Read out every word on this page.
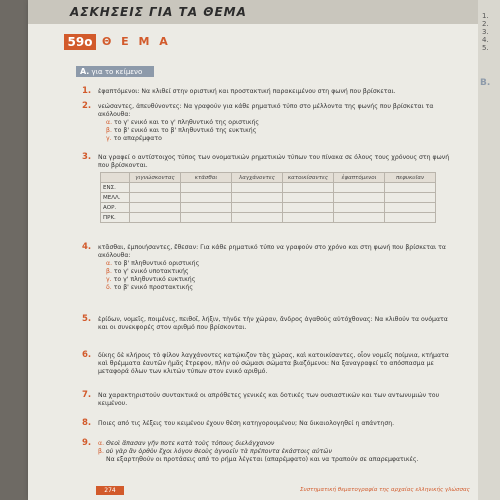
ΑΣΚΗΣΕΙΣ ΓΙΑ ΤΑ ΘΕΜΑ
59ο Θ Ε Μ Α
Α. για το κείμενο
1. ἐφαπτόμενοι: Να κλιθεί στην οριστική και προστακτική παρακειμένου στη φωνή που βρίσκεται.
2. νεώσαντες, ἀπευθύνοντες: Να γραφούν για κάθε ρηματικό τύπο στο μέλλοντα της φωνής που βρίσκεται τα ακόλουθα:
α. το γ' ενικό και το γ' πληθυντικό της οριστικής
β. το β' ενικό και το β' πληθυντικό της ευκτικής
γ. το απαρέμφατο
3. Να γραφεί ο αντίστοιχος τύπος των ονοματικών ρηματικών τύπων του πίνακα σε όλους τους χρόνους στη φωνή που βρίσκονται.
	γιγνώσκοντας	κτᾶσθαι	λαγχάνοντες	κατοικίσαντες	ἐφαπτόμενοι	πεφυκυῖαν
ΕΝΣ.						
ΜΕΛΛ.						
ΑΟΡ.						
ΠΡΚ.						
4. κτᾶσθαι, ἐμποιήσαντες, ἔθεσαν: Για κάθε ρηματικό τύπο να γραφούν στο χρόνο και στη φωνή που βρίσκεται τα ακόλουθα:
α. το β' πληθυντικό οριστικής
β. το γ' ενικό υποτακτικής
γ. το γ' πληθυντικό ευκτικής
δ. το β' ενικό προστακτικής
5. ἐρίδων, νομεῖς, ποιμένες, πειθοῖ, λήξιν, τὴνδε τὴν χώραν, ἄνδρος ἀγαθοὺς αὐτόχθονας: Να κλιθούν τα ονόματα και οι συνεκφορές στον αριθμό που βρίσκονται.
6. δίκης δὲ κλήροις τὸ φίλον λαγχάνοντες κατῴκιζον τὰς χώρας, καὶ κατοικίσαντες, οἷον νομεῖς ποίμνια, κτήματα καὶ θρέμματα ἑαυτῶν ἡμᾶς ἔτρεφον, πλὴν οὐ σώμασι σώματα βιαζόμενοι: Να ξαναγραφεί το απόσπασμα με μεταφορά όλων των κλιτών τύπων στον ενικό αριθμό.
7. Να χαρακτηριστούν συντακτικά οι απρόθετες γενικές και δοτικές των ουσιαστικών και των αντωνυμιών του κειμένου.
8. Ποιες από τις λέξεις του κειμένου έχουν θέση κατηγορουμένου; Να δικαιολογηθεί η απάντηση.
9. α. Θεοὶ ἅπασαν γῆν ποτε κατὰ τοὺς τόπους διελάγχανον
β. οὐ γὰρ ἂν ὀρθὸν ἔχοι λόγον θεοὺς ἀγνοεῖν τὰ πρέποντα ἑκάστοις αὐτῶν
Να εξαρτηθούν οι προτάσεις από το ρήμα λέγεται (απαρέμφατο) και να τραπούν σε απαρεμφατικές.
274	Συστηματική θεματογραφία της αρχαίας ελληνικής γλώσσας
1.
2.
3.
4.
5.
Β.
